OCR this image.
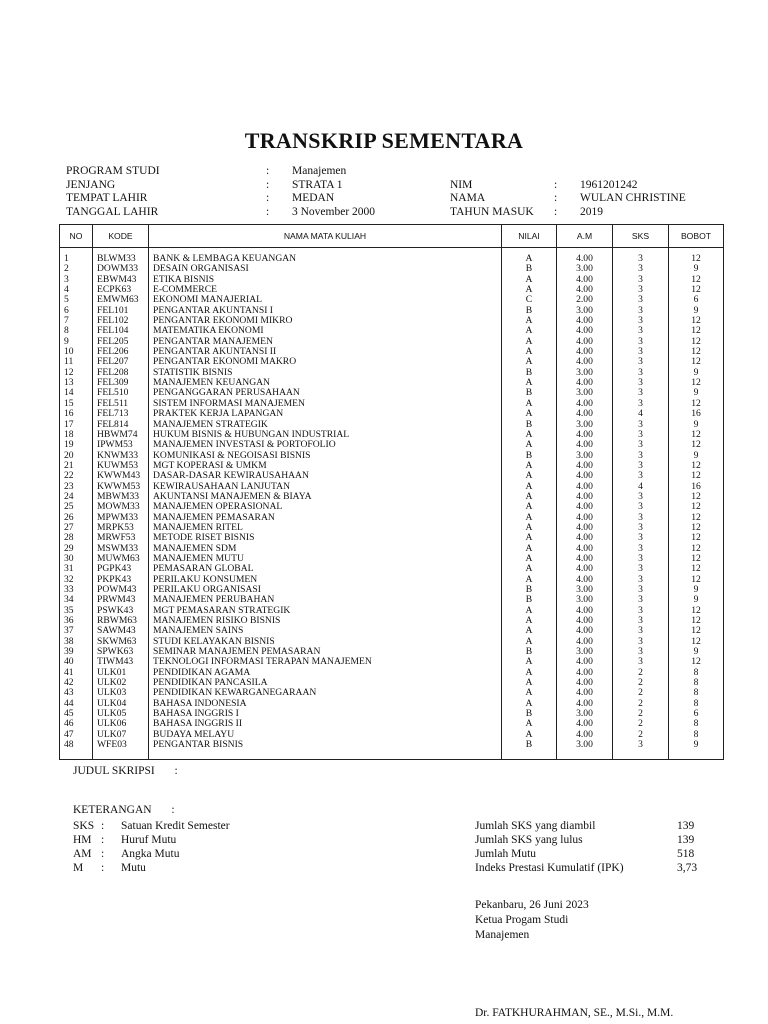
TRANSKRIP SEMENTARA
PROGRAM STUDI	:	Manajemen			
JENJANG	:	STRATA 1	NIM	:	1961201242
TEMPAT LAHIR	:	MEDAN	NAMA	:	WULAN CHRISTINE
TANGGAL LAHIR	:	3 November 2000	TAHUN MASUK	:	2019
NO	KODE	NAMA MATA KULIAH	NILAI	A.M	SKS	BOBOT
1	BLWM33	BANK & LEMBAGA KEUANGAN	A	4.00	3	12
2	DOWM33	DESAIN ORGANISASI	B	3.00	3	9
3	EBWM43	ETIKA BISNIS	A	4.00	3	12
4	ECPK63	E-COMMERCE	A	4.00	3	12
5	EMWM63	EKONOMI MANAJERIAL	C	2.00	3	6
6	FEL101	PENGANTAR AKUNTANSI I	B	3.00	3	9
7	FEL102	PENGANTAR EKONOMI MIKRO	A	4.00	3	12
8	FEL104	MATEMATIKA EKONOMI	A	4.00	3	12
9	FEL205	PENGANTAR MANAJEMEN	A	4.00	3	12
10	FEL206	PENGANTAR AKUNTANSI II	A	4.00	3	12
11	FEL207	PENGANTAR EKONOMI MAKRO	A	4.00	3	12
12	FEL208	STATISTIK BISNIS	B	3.00	3	9
13	FEL309	MANAJEMEN KEUANGAN	A	4.00	3	12
14	FEL510	PENGANGGARAN PERUSAHAAN	B	3.00	3	9
15	FEL511	SISTEM INFORMASI MANAJEMEN	A	4.00	3	12
16	FEL713	PRAKTEK KERJA LAPANGAN	A	4.00	4	16
17	FEL814	MANAJEMEN STRATEGIK	B	3.00	3	9
18	HBWM74	HUKUM BISNIS & HUBUNGAN INDUSTRIAL	A	4.00	3	12
19	IPWM53	MANAJEMEN INVESTASI & PORTOFOLIO	A	4.00	3	12
20	KNWM33	KOMUNIKASI & NEGOISASI BISNIS	B	3.00	3	9
21	KUWM53	MGT KOPERASI & UMKM	A	4.00	3	12
22	KWWM43	DASAR-DASAR KEWIRAUSAHAAN	A	4.00	3	12
23	KWWM53	KEWIRAUSAHAAN LANJUTAN	A	4.00	4	16
24	MBWM33	AKUNTANSI MANAJEMEN & BIAYA	A	4.00	3	12
25	MOWM33	MANAJEMEN OPERASIONAL	A	4.00	3	12
26	MPWM33	MANAJEMEN PEMASARAN	A	4.00	3	12
27	MRPK53	MANAJEMEN RITEL	A	4.00	3	12
28	MRWF53	METODE RISET BISNIS	A	4.00	3	12
29	MSWM33	MANAJEMEN SDM	A	4.00	3	12
30	MUWM63	MANAJEMEN MUTU	A	4.00	3	12
31	PGPK43	PEMASARAN GLOBAL	A	4.00	3	12
32	PKPK43	PERILAKU KONSUMEN	A	4.00	3	12
33	POWM43	PERILAKU ORGANISASI	B	3.00	3	9
34	PRWM43	MANAJEMEN PERUBAHAN	B	3.00	3	9
35	PSWK43	MGT PEMASARAN STRATEGIK	A	4.00	3	12
36	RBWM63	MANAJEMEN RISIKO BISNIS	A	4.00	3	12
37	SAWM43	MANAJEMEN SAINS	A	4.00	3	12
38	SKWM63	STUDI KELAYAKAN BISNIS	A	4.00	3	12
39	SPWK63	SEMINAR MANAJEMEN PEMASARAN	B	3.00	3	9
40	TIWM43	TEKNOLOGI INFORMASI TERAPAN MANAJEMEN	A	4.00	3	12
41	ULK01	PENDIDIKAN AGAMA	A	4.00	2	8
42	ULK02	PENDIDIKAN PANCASILA	A	4.00	2	8
43	ULK03	PENDIDIKAN KEWARGANEGARAAN	A	4.00	2	8
44	ULK04	BAHASA INDONESIA	A	4.00	2	8
45	ULK05	BAHASA INGGRIS I	B	3.00	2	6
46	ULK06	BAHASA INGGRIS II	A	4.00	2	8
47	ULK07	BUDAYA MELAYU	A	4.00	2	8
48	WFE03	PENGANTAR BISNIS	B	3.00	3	9
JUDUL SKRIPSI :
KETERANGAN :
SKS	:	Satuan Kredit Semester
HM	:	Huruf Mutu
AM	:	Angka Mutu
M	:	Mutu
Jumlah SKS yang diambil	139
Jumlah SKS yang lulus	139
Jumlah Mutu	518
Indeks Prestasi Kumulatif (IPK)	3,73
Pekanbaru, 26 Juni 2023
Ketua Progam Studi
Manajemen
Dr. FATKHURAHMAN, SE., M.Si., M.M.
